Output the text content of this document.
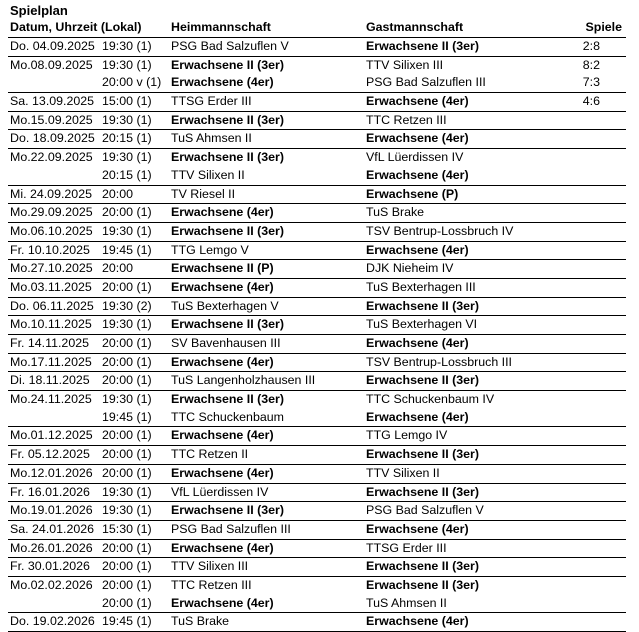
Spielplan
Datum, Uhrzeit (Lokal)		Heimmannschaft	Gastmannschaft	Spiele
Do. 04.09.2025	19:30 (1)	PSG Bad Salzuflen V	Erwachsene II (3er)	2:8
Mo.08.09.2025	19:30 (1)	Erwachsene II (3er)	TTV Silixen III	8:2
	20:00 v (1)	Erwachsene (4er)	PSG Bad Salzuflen III	7:3
Sa. 13.09.2025	15:00 (1)	TTSG Erder III	Erwachsene (4er)	4:6
Mo.15.09.2025	19:30 (1)	Erwachsene II (3er)	TTC Retzen III	
Do. 18.09.2025	20:15 (1)	TuS Ahmsen II	Erwachsene (4er)	
Mo.22.09.2025	19:30 (1)	Erwachsene II (3er)	VfL Lüerdissen IV	
	20:15 (1)	TTV Silixen II	Erwachsene (4er)	
Mi. 24.09.2025	20:00	TV Riesel II	Erwachsene (P)	
Mo.29.09.2025	20:00 (1)	Erwachsene (4er)	TuS Brake	
Mo.06.10.2025	19:30 (1)	Erwachsene II (3er)	TSV Bentrup-Lossbruch IV	
Fr. 10.10.2025	19:45 (1)	TTG Lemgo V	Erwachsene (4er)	
Mo.27.10.2025	20:00	Erwachsene II (P)	DJK Nieheim IV	
Mo.03.11.2025	20:00 (1)	Erwachsene (4er)	TuS Bexterhagen III	
Do. 06.11.2025	19:30 (2)	TuS Bexterhagen V	Erwachsene II (3er)	
Mo.10.11.2025	19:30 (1)	Erwachsene II (3er)	TuS Bexterhagen VI	
Fr. 14.11.2025	20:00 (1)	SV Bavenhausen III	Erwachsene (4er)	
Mo.17.11.2025	20:00 (1)	Erwachsene (4er)	TSV Bentrup-Lossbruch III	
Di. 18.11.2025	20:00 (1)	TuS Langenholzhausen III	Erwachsene II (3er)	
Mo.24.11.2025	19:30 (1)	Erwachsene II (3er)	TTC Schuckenbaum IV	
	19:45 (1)	TTC Schuckenbaum	Erwachsene (4er)	
Mo.01.12.2025	20:00 (1)	Erwachsene (4er)	TTG Lemgo IV	
Fr. 05.12.2025	20:00 (1)	TTC Retzen II	Erwachsene II (3er)	
Mo.12.01.2026	20:00 (1)	Erwachsene (4er)	TTV Silixen II	
Fr. 16.01.2026	19:30 (1)	VfL Lüerdissen IV	Erwachsene II (3er)	
Mo.19.01.2026	19:30 (1)	Erwachsene II (3er)	PSG Bad Salzuflen V	
Sa. 24.01.2026	15:30 (1)	PSG Bad Salzuflen III	Erwachsene (4er)	
Mo.26.01.2026	20:00 (1)	Erwachsene (4er)	TTSG Erder III	
Fr. 30.01.2026	20:00 (1)	TTV Silixen III	Erwachsene II (3er)	
Mo.02.02.2026	20:00 (1)	TTC Retzen III	Erwachsene II (3er)	
	20:00 (1)	Erwachsene (4er)	TuS Ahmsen II	
Do. 19.02.2026	19:45 (1)	TuS Brake	Erwachsene (4er)	
